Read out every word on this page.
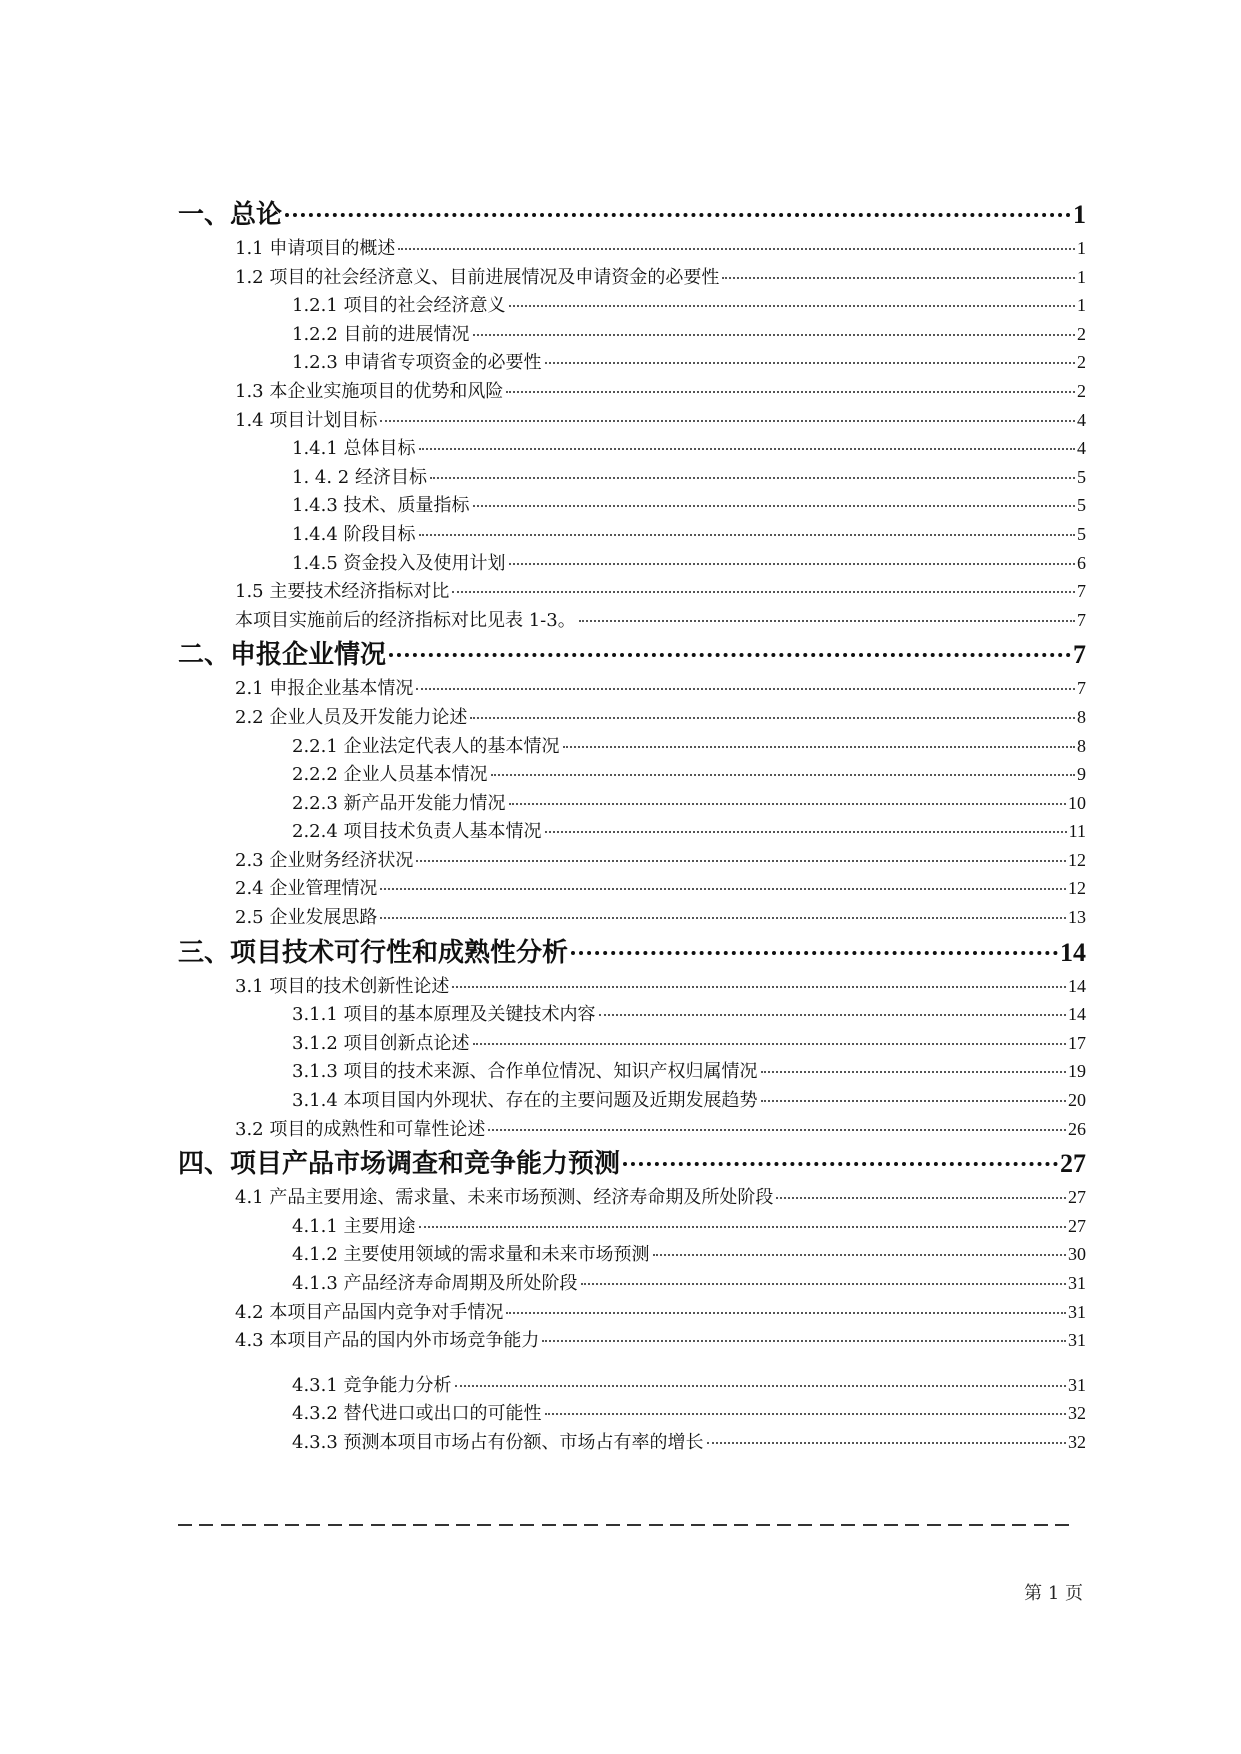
一、总论	1
1.1 申请项目的概述	1
1.2 项目的社会经济意义、目前进展情况及申请资金的必要性	1
1.2.1 项目的社会经济意义	1
1.2.2 目前的进展情况	2
1.2.3 申请省专项资金的必要性	2
1.3 本企业实施项目的优势和风险	2
1.4 项目计划目标	4
1.4.1 总体目标	4
1. 4. 2 经济目标	5
1.4.3 技术、质量指标	5
1.4.4 阶段目标	5
1.4.5 资金投入及使用计划	6
1.5 主要技术经济指标对比	7
本项目实施前后的经济指标对比见表 1-3。	7
二、申报企业情况	7
2.1 申报企业基本情况	7
2.2 企业人员及开发能力论述	8
2.2.1 企业法定代表人的基本情况	8
2.2.2 企业人员基本情况	9
2.2.3 新产品开发能力情况	10
2.2.4 项目技术负责人基本情况	11
2.3 企业财务经济状况	12
2.4 企业管理情况	12
2.5 企业发展思路	13
三、项目技术可行性和成熟性分析	14
3.1 项目的技术创新性论述	14
3.1.1 项目的基本原理及关键技术内容	14
3.1.2 项目创新点论述	17
3.1.3 项目的技术来源、合作单位情况、知识产权归属情况	19
3.1.4 本项目国内外现状、存在的主要问题及近期发展趋势	20
3.2 项目的成熟性和可靠性论述	26
四、项目产品市场调查和竞争能力预测	27
4.1 产品主要用途、需求量、未来市场预测、经济寿命期及所处阶段	27
4.1.1 主要用途	27
4.1.2 主要使用领域的需求量和未来市场预测	30
4.1.3 产品经济寿命周期及所处阶段	31
4.2 本项目产品国内竞争对手情况	31
4.3 本项目产品的国内外市场竞争能力	31
4.3.1 竞争能力分析	31
4.3.2 替代进口或出口的可能性	32
4.3.3 预测本项目市场占有份额、市场占有率的增长	32
第 1 页
